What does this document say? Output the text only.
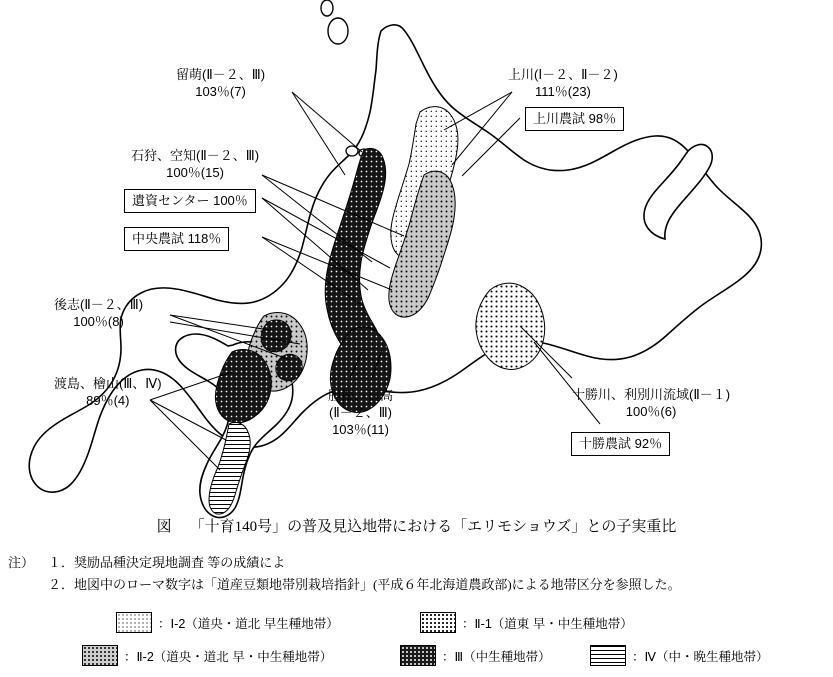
留萌(Ⅱ－２、Ⅲ)
103％(7)
上川(Ⅰ－２、Ⅱ－２)
111％(23)
石狩、空知(Ⅱ－２、Ⅲ)
100％(15)
後志(Ⅱ－２、Ⅲ)
100％(8)
渡島、檜山(Ⅲ、Ⅳ)
89％(4)	胆振、日高
(Ⅱ－２、Ⅲ)
103％(11)
十勝川、利別川流域(Ⅱ－１)
100％(6)
上川農試 98％
遺資センター 100％
中央農試 118％
十勝農試 92％
図 「十育140号」の普及見込地帯における「エリモショウズ」との子実重比
注） １．奨励品種決定現地調査 等の成績によ
２．地図中のローマ数字は「道産豆類地帯別栽培指針」(平成６年北海道農政部)による地帯区分を参照した。
：Ⅰ-2（道央・道北 早生種地帯）	：Ⅱ-1（道東 早・中生種地帯）
：Ⅱ-2（道央・道北 早・中生種地帯）	：Ⅲ（中生種地帯）	：Ⅳ（中・晩生種地帯）
